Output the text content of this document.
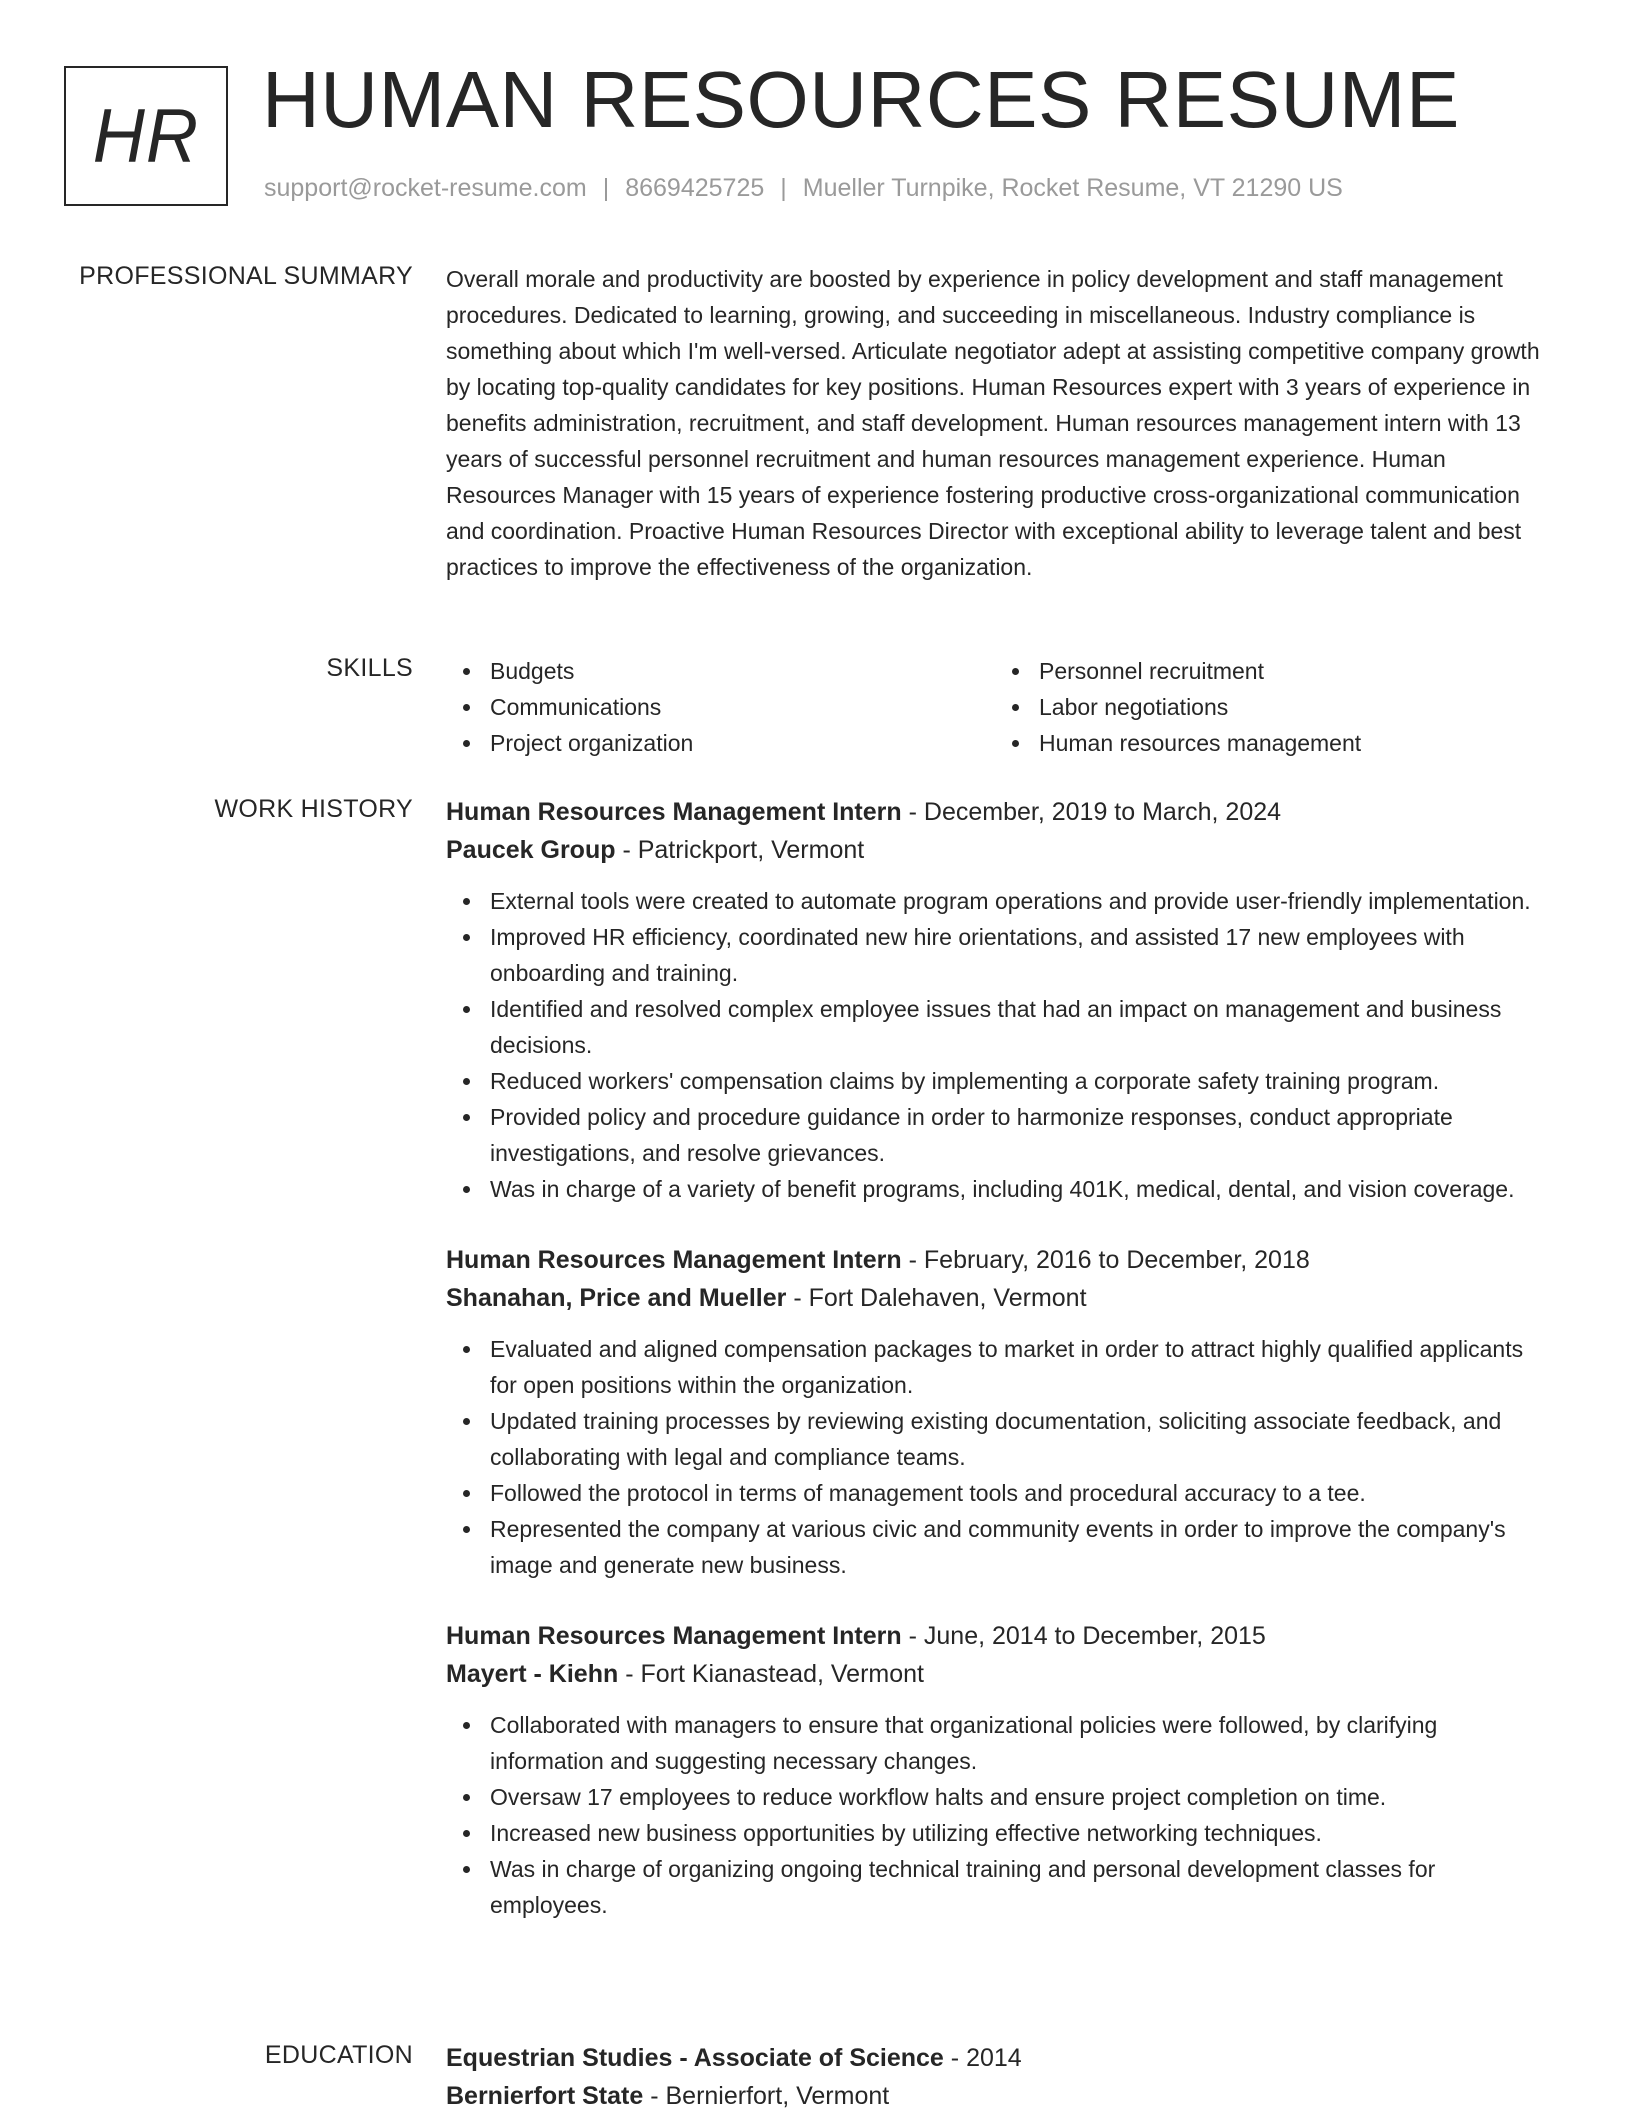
HR HUMAN RESOURCES RESUME
support@rocket-resume.com | 8669425725 | Mueller Turnpike, Rocket Resume, VT 21290 US
PROFESSIONAL SUMMARY Overall morale and productivity are boosted by experience in policy development and staff management procedures. Dedicated to learning, growing, and succeeding in miscellaneous. Industry compliance is something about which I'm well-versed. Articulate negotiator adept at assisting competitive company growth by locating top-quality candidates for key positions. Human Resources expert with 3 years of experience in benefits administration, recruitment, and staff development. Human resources management intern with 13 years of successful personnel recruitment and human resources management experience. Human Resources Manager with 15 years of experience fostering productive cross-organizational communication and coordination. Proactive Human Resources Director with exceptional ability to leverage talent and best practices to improve the effectiveness of the organization.

SKILLS	Budgets
Communications
Project organization
Personnel recruitment
Labor negotiations
Human resources management
WORK HISTORY Human Resources Management Intern - December, 2019 to March, 2024
Paucek Group - Patrickport, Vermont
External tools were created to automate program operations and provide user-friendly implementation.
Improved HR efficiency, coordinated new hire orientations, and assisted 17 new employees with onboarding and training.
Identified and resolved complex employee issues that had an impact on management and business decisions.
Reduced workers' compensation claims by implementing a corporate safety training program.
Provided policy and procedure guidance in order to harmonize responses, conduct appropriate investigations, and resolve grievances.
Was in charge of a variety of benefit programs, including 401K, medical, dental, and vision coverage.
Human Resources Management Intern - February, 2016 to December, 2018
Shanahan, Price and Mueller - Fort Dalehaven, Vermont
Evaluated and aligned compensation packages to market in order to attract highly qualified applicants for open positions within the organization.
Updated training processes by reviewing existing documentation, soliciting associate feedback, and collaborating with legal and compliance teams.
Followed the protocol in terms of management tools and procedural accuracy to a tee.
Represented the company at various civic and community events in order to improve the company's image and generate new business.
Human Resources Management Intern - June, 2014 to December, 2015
Mayert - Kiehn - Fort Kianastead, Vermont
Collaborated with managers to ensure that organizational policies were followed, by clarifying information and suggesting necessary changes.
Oversaw 17 employees to reduce workflow halts and ensure project completion on time.
Increased new business opportunities by utilizing effective networking techniques.
Was in charge of organizing ongoing technical training and personal development classes for employees.
EDUCATION Equestrian Studies - Associate of Science - 2014
Bernierfort State - Bernierfort, Vermont
